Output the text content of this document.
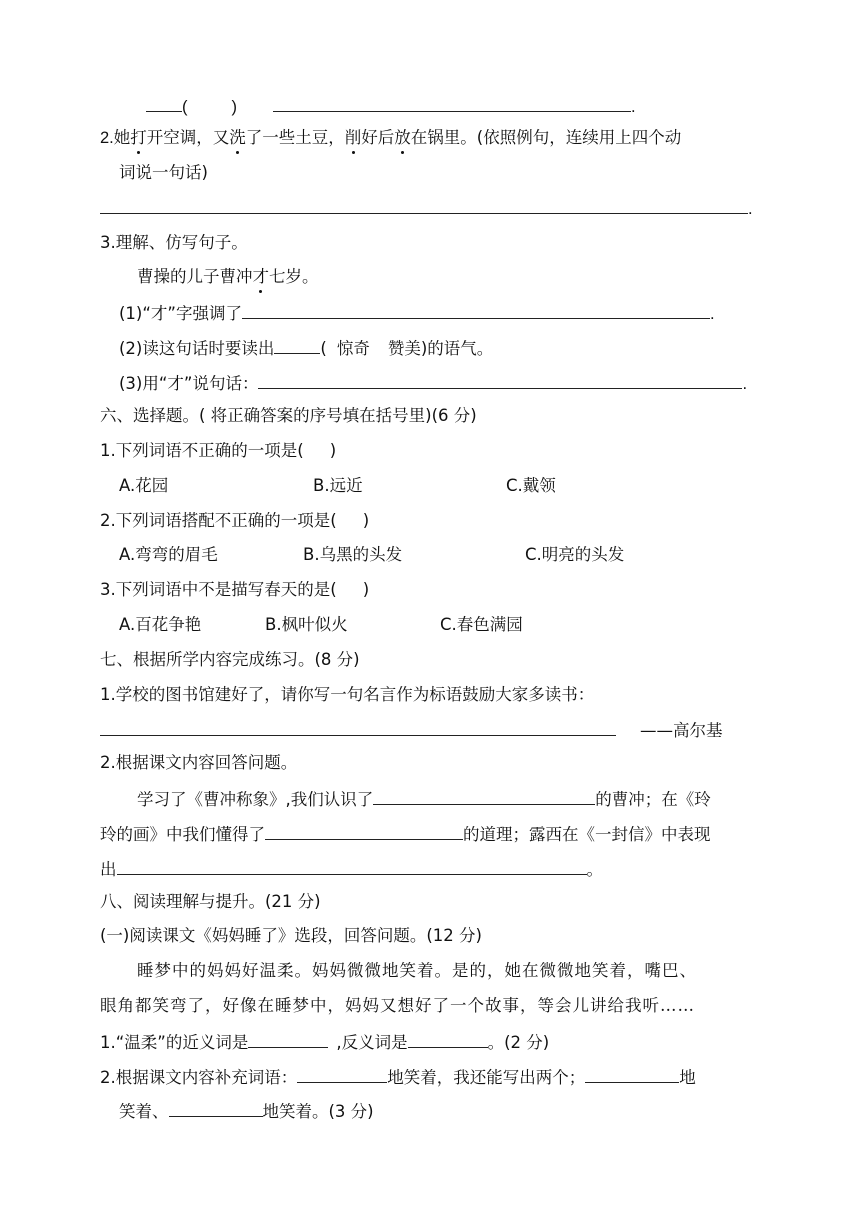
(	)	.
2.她打开空调，又洗了一些土豆，削好后放在锅里。(依照例句，连续用上四个动
词说一句话)
.
3.理解、仿写句子。
曹操的儿子曹冲才七岁。
(1)“才”字强调了	.
(2)读这句话时要读出	( 惊奇 赞美)的语气。
(3)用“才”说句话：	.
六、选择题。( 将正确答案的序号填在括号里)(6 分)
1.下列词语不正确的一项是( )
A.花园	B.远近	C.戴领
2.下列词语搭配不正确的一项是( )
A.弯弯的眉毛	B.乌黑的头发	C.明亮的头发
3.下列词语中不是描写春天的是( )
A.百花争艳	B.枫叶似火	C.春色满园
七、根据所学内容完成练习。(8 分)
1.学校的图书馆建好了，请你写一句名言作为标语鼓励大家多读书：
——高尔基
2.根据课文内容回答问题。
学习了《曹冲称象》,我们认识了	的曹冲；在《玲
玲的画》中我们懂得了	的道理；露西在《一封信》中表现
出	。
八、阅读理解与提升。(21 分)
(一)阅读课文《妈妈睡了》选段，回答问题。(12 分)
睡梦中的妈妈好温柔。妈妈微微地笑着。是的，她在微微地笑着，嘴巴、
眼角都笑弯了，好像在睡梦中，妈妈又想好了一个故事，等会儿讲给我听……
1.“温柔”的近义词是	,反义词是	。(2 分)
2.根据课文内容补充词语：	地笑着，我还能写出两个；	地
笑着、	地笑着。(3 分)
